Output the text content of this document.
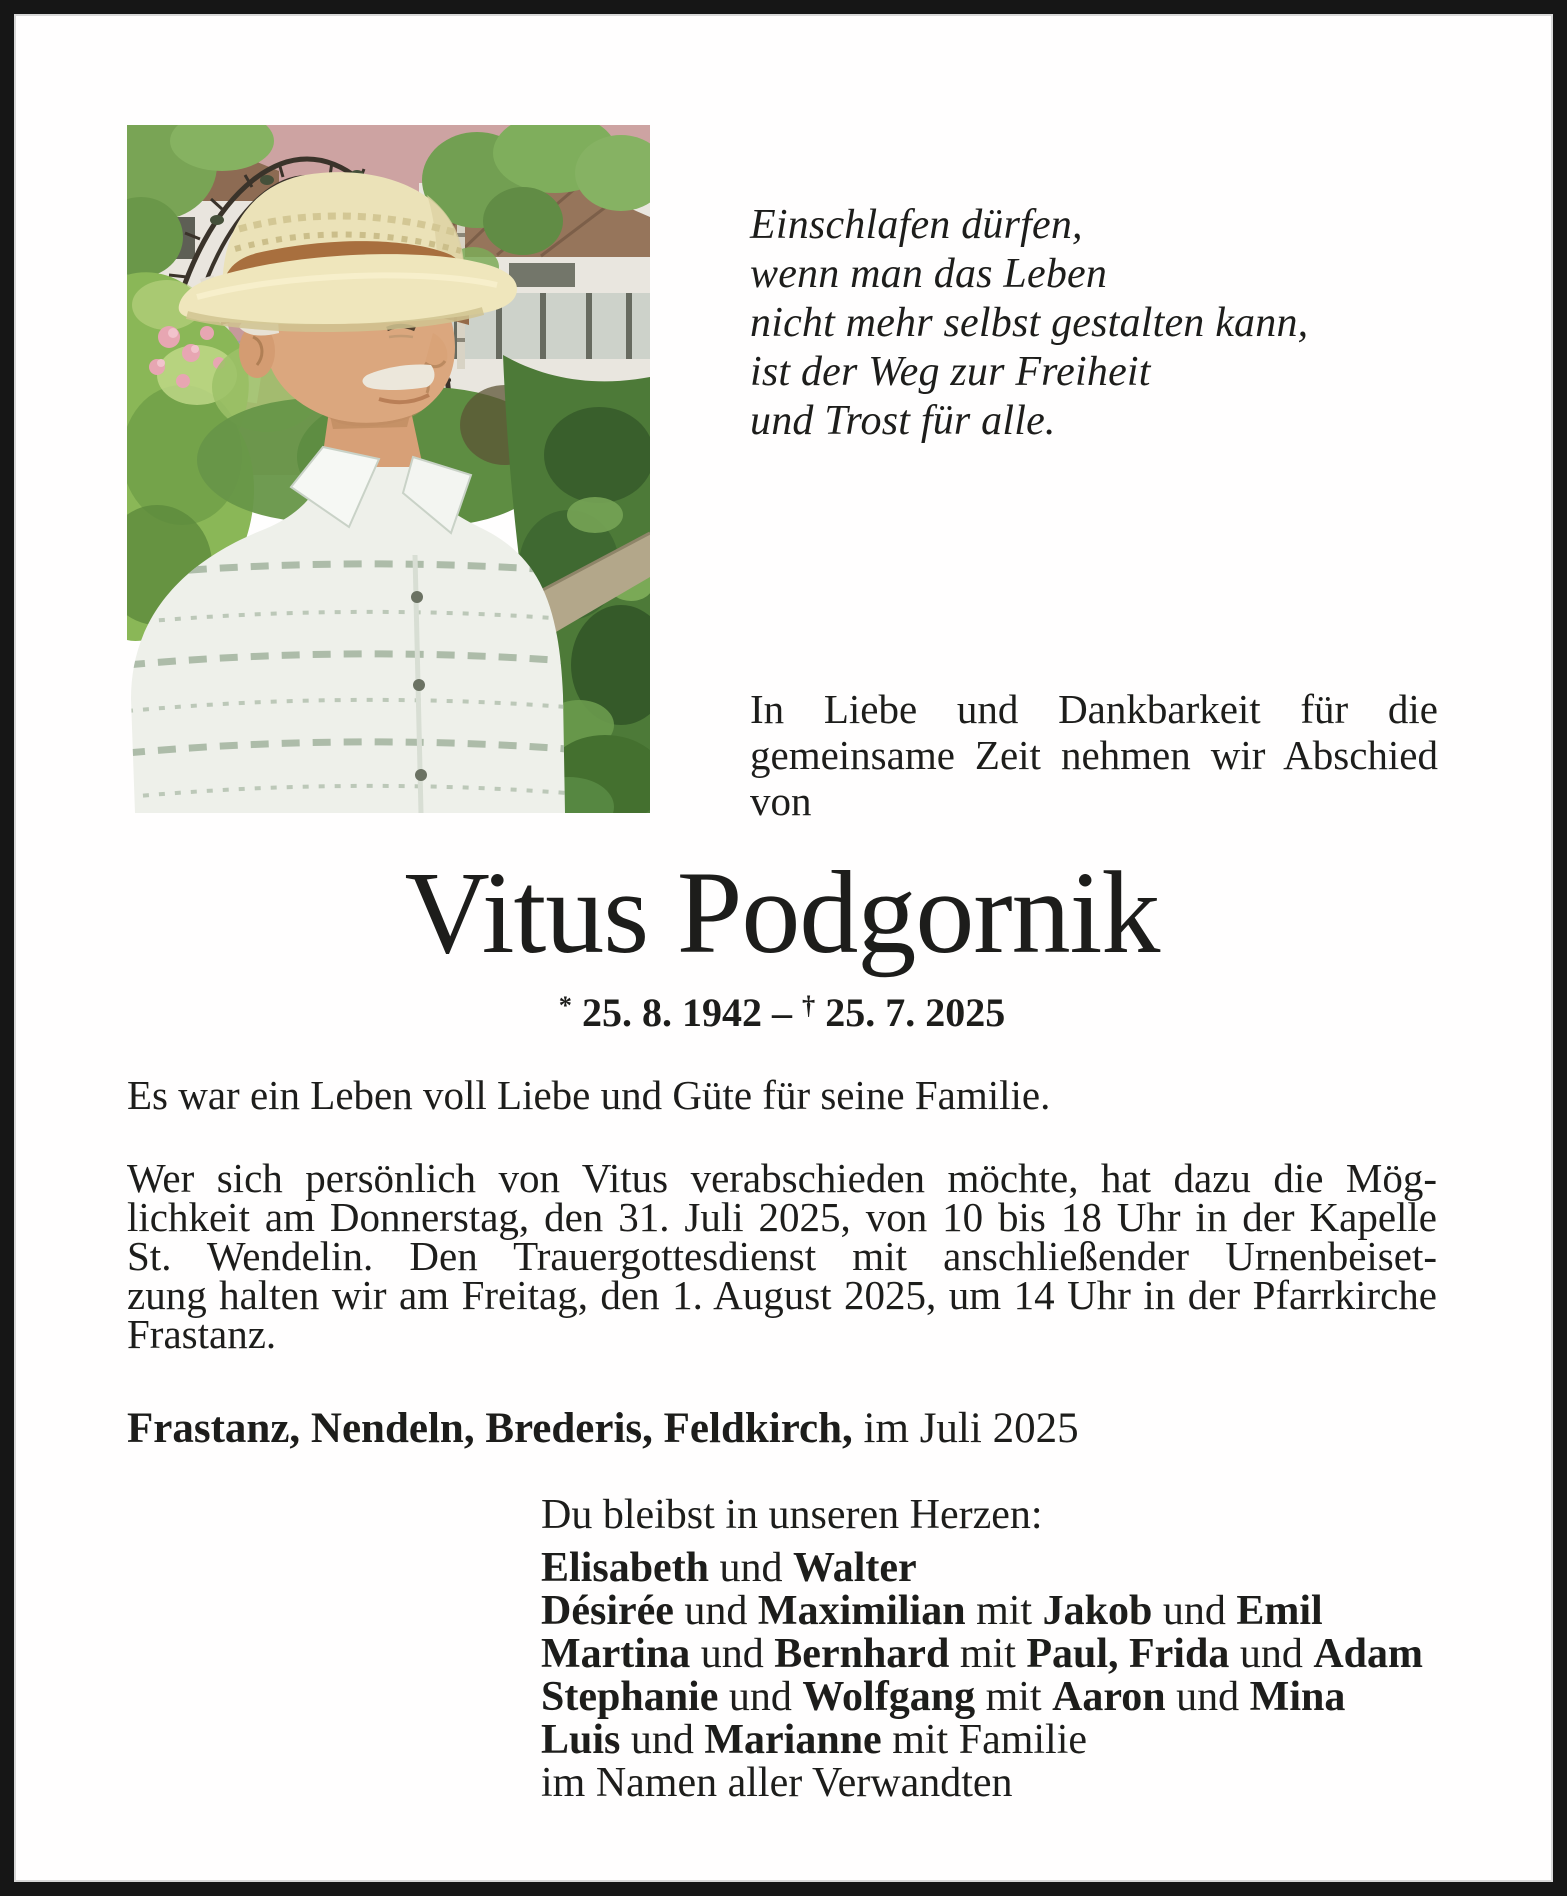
Einschlafen dürfen,
wenn man das Leben
nicht mehr selbst gestalten kann,
ist der Weg zur Freiheit
und Trost für alle.
In Liebe und Dankbarkeit für die
gemeinsame Zeit nehmen wir Abschied
von
Vitus Podgornik
* 25. 8. 1942 – † 25. 7. 2025
Es war ein Leben voll Liebe und Güte für seine Familie.
Wer sich persönlich von Vitus verabschieden möchte, hat dazu die Mög-
lichkeit am Donnerstag, den 31. Juli 2025, von 10 bis 18 Uhr in der Kapelle
St. Wendelin. Den Trauergottesdienst mit anschließender Urnenbeiset-
zung halten wir am Freitag, den 1. August 2025, um 14 Uhr in der Pfarrkirche
Frastanz.
Frastanz, Nendeln, Brederis, Feldkirch, im Juli 2025
Du bleibst in unseren Herzen:
Elisabeth und Walter
Désirée und Maximilian mit Jakob und Emil
Martina und Bernhard mit Paul, Frida und Adam
Stephanie und Wolfgang mit Aaron und Mina
Luis und Marianne mit Familie
im Namen aller Verwandten
